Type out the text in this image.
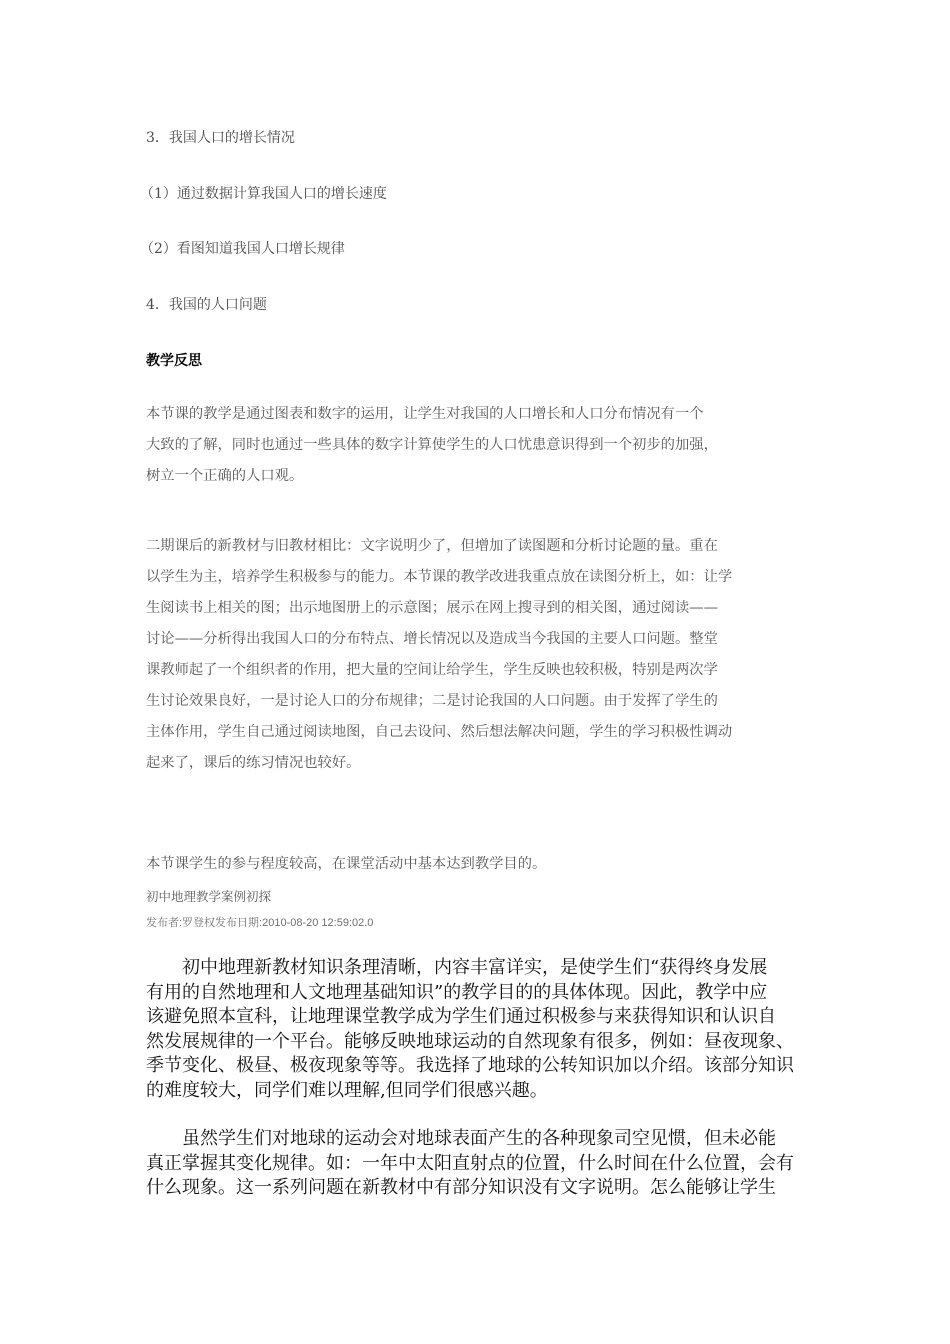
3．我国人口的增长情况
（1）通过数据计算我国人口的增长速度
（2）看图知道我国人口增长规律
4．我国的人口问题
教学反思
本节课的教学是通过图表和数字的运用，让学生对我国的人口增长和人口分布情况有一个
大致的了解，同时也通过一些具体的数字计算使学生的人口忧患意识得到一个初步的加强，
树立一个正确的人口观。
二期课后的新教材与旧教材相比：文字说明少了，但增加了读图题和分析讨论题的量。重在
以学生为主，培养学生积极参与的能力。本节课的教学改进我重点放在读图分析上，如：让学
生阅读书上相关的图；出示地图册上的示意图；展示在网上搜寻到的相关图，通过阅读——
讨论——分析得出我国人口的分布特点、增长情况以及造成当今我国的主要人口问题。整堂
课教师起了一个组织者的作用，把大量的空间让给学生，学生反映也较积极，特别是两次学
生讨论效果良好，一是讨论人口的分布规律；二是讨论我国的人口问题。由于发挥了学生的
主体作用，学生自己通过阅读地图，自己去设问、然后想法解决问题，学生的学习积极性调动
起来了，课后的练习情况也较好。
本节课学生的参与程度较高，在课堂活动中基本达到教学目的。
初中地理教学案例初探
发布者:罗登权发布日期:2010-08-20 12:59:02.0
　　初中地理新教材知识条理清晰，内容丰富详实，是使学生们“获得终身发展
有用的自然地理和人文地理基础知识”的教学目的的具体体现。因此，教学中应
该避免照本宣科，让地理课堂教学成为学生们通过积极参与来获得知识和认识自
然发展规律的一个平台。能够反映地球运动的自然现象有很多，例如：昼夜现象、
季节变化、极昼、极夜现象等等。我选择了地球的公转知识加以介绍。该部分知识
的难度较大，同学们难以理解,但同学们很感兴趣。
　　虽然学生们对地球的运动会对地球表面产生的各种现象司空见惯，但未必能
真正掌握其变化规律。如：一年中太阳直射点的位置，什么时间在什么位置，会有
什么现象。这一系列问题在新教材中有部分知识没有文字说明。怎么能够让学生
